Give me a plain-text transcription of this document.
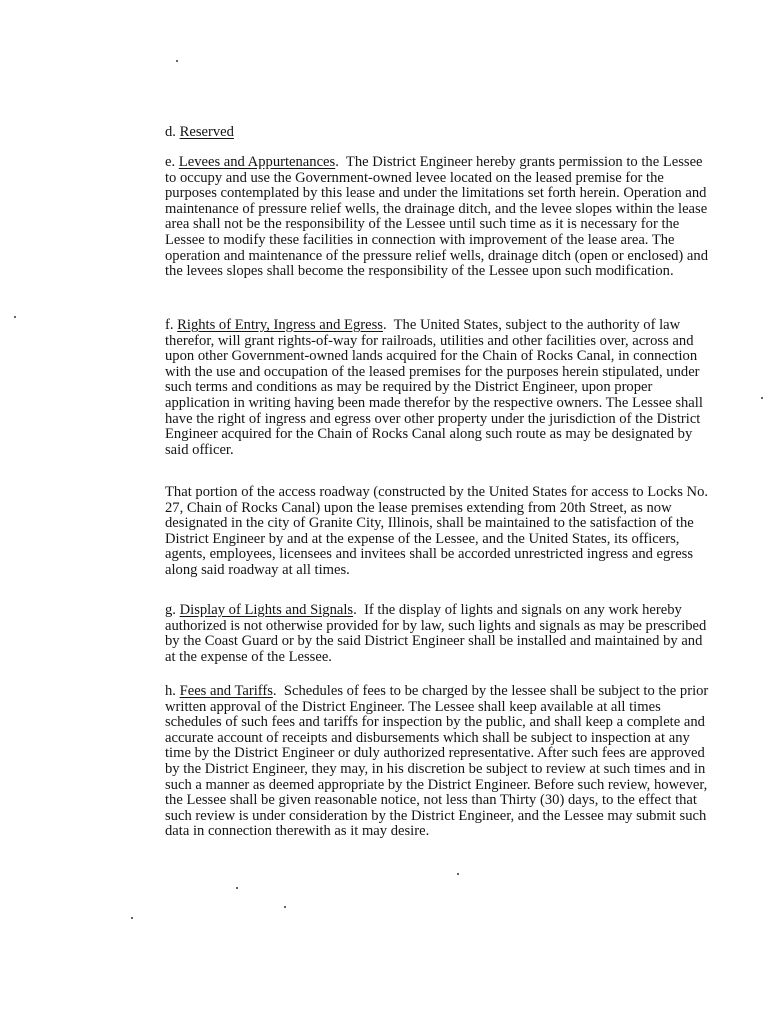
d. Reserved

e. Levees and Appurtenances.  The District Engineer hereby grants permission to the Lessee to occupy and use the Government-owned levee located on the leased premise for the purposes contemplated by this lease and under the limitations set forth herein. Operation and maintenance of pressure relief wells, the drainage ditch, and the levee slopes within the lease area shall not be the responsibility of the Lessee until such time as it is necessary for the Lessee to modify these facilities in connection with improvement of the lease area. The operation and maintenance of the pressure relief wells, drainage ditch (open or enclosed) and the levees slopes shall become the responsibility of the Lessee upon such modification.

f. Rights of Entry, Ingress and Egress.  The United States, subject to the authority of law therefor, will grant rights-of-way for railroads, utilities and other facilities over, across and upon other Government-owned lands acquired for the Chain of Rocks Canal, in connection with the use and occupation of the leased premises for the purposes herein stipulated, under such terms and conditions as may be required by the District Engineer, upon proper application in writing having been made therefor by the respective owners. The Lessee shall have the right of ingress and egress over other property under the jurisdiction of the District Engineer acquired for the Chain of Rocks Canal along such route as may be designated by said officer.

That portion of the access roadway (constructed by the United States for access to Locks No. 27, Chain of Rocks Canal) upon the lease premises extending from 20th Street, as now designated in the city of Granite City, Illinois, shall be maintained to the satisfaction of the District Engineer by and at the expense of the Lessee, and the United States, its officers, agents, employees, licensees and invitees shall be accorded unrestricted ingress and egress along said roadway at all times.

g. Display of Lights and Signals.  If the display of lights and signals on any work hereby authorized is not otherwise provided for by law, such lights and signals as may be prescribed by the Coast Guard or by the said District Engineer shall be installed and maintained by and at the expense of the Lessee.

h. Fees and Tariffs.  Schedules of fees to be charged by the lessee shall be subject to the prior written approval of the District Engineer. The Lessee shall keep available at all times schedules of such fees and tariffs for inspection by the public, and shall keep a complete and accurate account of receipts and disbursements which shall be subject to inspection at any time by the District Engineer or duly authorized representative. After such fees are approved by the District Engineer, they may, in his discretion be subject to review at such times and in such a manner as deemed appropriate by the District Engineer. Before such review, however, the Lessee shall be given reasonable notice, not less than Thirty (30) days, to the effect that such review is under consideration by the District Engineer, and the Lessee may submit such data in connection therewith as it may desire.
